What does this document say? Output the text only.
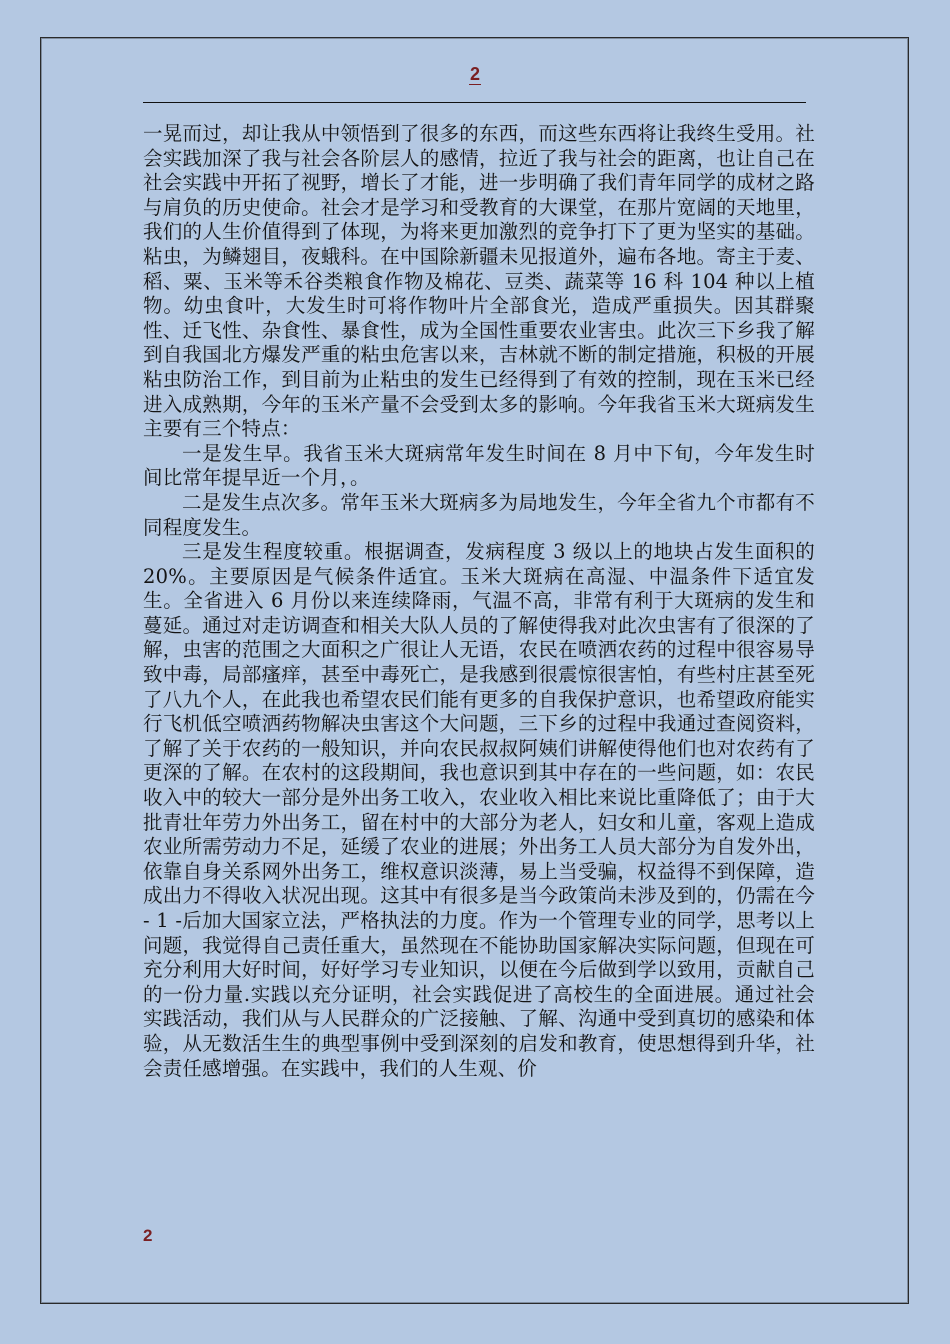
2

一晃而过，却让我从中领悟到了很多的东西，而这些东西将让我终生受用。社会实践加深了我与社会各阶层人的感情，拉近了我与社会的距离，也让自己在社会实践中开拓了视野，增长了才能，进一步明确了我们青年同学的成材之路与肩负的历史使命。社会才是学习和受教育的大课堂，在那片宽阔的天地里，我们的人生价值得到了体现，为将来更加激烈的竞争打下了更为坚实的基础。粘虫，为鳞翅目，夜蛾科。在中国除新疆未见报道外，遍布各地。寄主于麦、稻、粟、玉米等禾谷类粮食作物及棉花、豆类、蔬菜等 16 科 104 种以上植物。幼虫食叶，大发生时可将作物叶片全部食光，造成严重损失。因其群聚性、迁飞性、杂食性、暴食性，成为全国性重要农业害虫。此次三下乡我了解到自我国北方爆发严重的粘虫危害以来，吉林就不断的制定措施，积极的开展粘虫防治工作，到目前为止粘虫的发生已经得到了有效的控制，现在玉米已经进入成熟期，今年的玉米产量不会受到太多的影响。今年我省玉米大斑病发生主要有三个特点：

一是发生早。我省玉米大斑病常年发生时间在 8 月中下旬，今年发生时间比常年提早近一个月，。

二是发生点次多。常年玉米大斑病多为局地发生，今年全省九个市都有不同程度发生。

三是发生程度较重。根据调查，发病程度 3 级以上的地块占发生面积的 20%。主要原因是气候条件适宜。玉米大斑病在高湿、中温条件下适宜发生。全省进入 6 月份以来连续降雨，气温不高，非常有利于大斑病的发生和蔓延。通过对走访调查和相关大队人员的了解使得我对此次虫害有了很深的了解，虫害的范围之大面积之广很让人无语，农民在喷洒农药的过程中很容易导致中毒，局部瘙痒，甚至中毒死亡，是我感到很震惊很害怕，有些村庄甚至死了八九个人，在此我也希望农民们能有更多的自我保护意识，也希望政府能实行飞机低空喷洒药物解决虫害这个大问题，三下乡的过程中我通过查阅资料，了解了关于农药的一般知识，并向农民叔叔阿姨们讲解使得他们也对农药有了更深的了解。在农村的这段期间，我也意识到其中存在的一些问题，如：农民收入中的较大一部分是外出务工收入，农业收入相比来说比重降低了；由于大批青壮年劳力外出务工，留在村中的大部分为老人，妇女和儿童，客观上造成农业所需劳动力不足，延缓了农业的进展；外出务工人员大部分为自发外出，依靠自身关系网外出务工，维权意识淡薄，易上当受骗，权益得不到保障，造成出力不得收入状况出现。这其中有很多是当今政策尚未涉及到的，仍需在今 - 1 -后加大国家立法，严格执法的力度。作为一个管理专业的同学，思考以上问题，我觉得自己责任重大，虽然现在不能协助国家解决实际问题，但现在可充分利用大好时间，好好学习专业知识，以便在今后做到学以致用，贡献自己的一份力量.实践以充分证明，社会实践促进了高校生的全面进展。通过社会实践活动，我们从与人民群众的广泛接触、了解、沟通中受到真切的感染和体验，从无数活生生的典型事例中受到深刻的启发和教育，使思想得到升华，社会责任感增强。在实践中，我们的人生观、价

2
